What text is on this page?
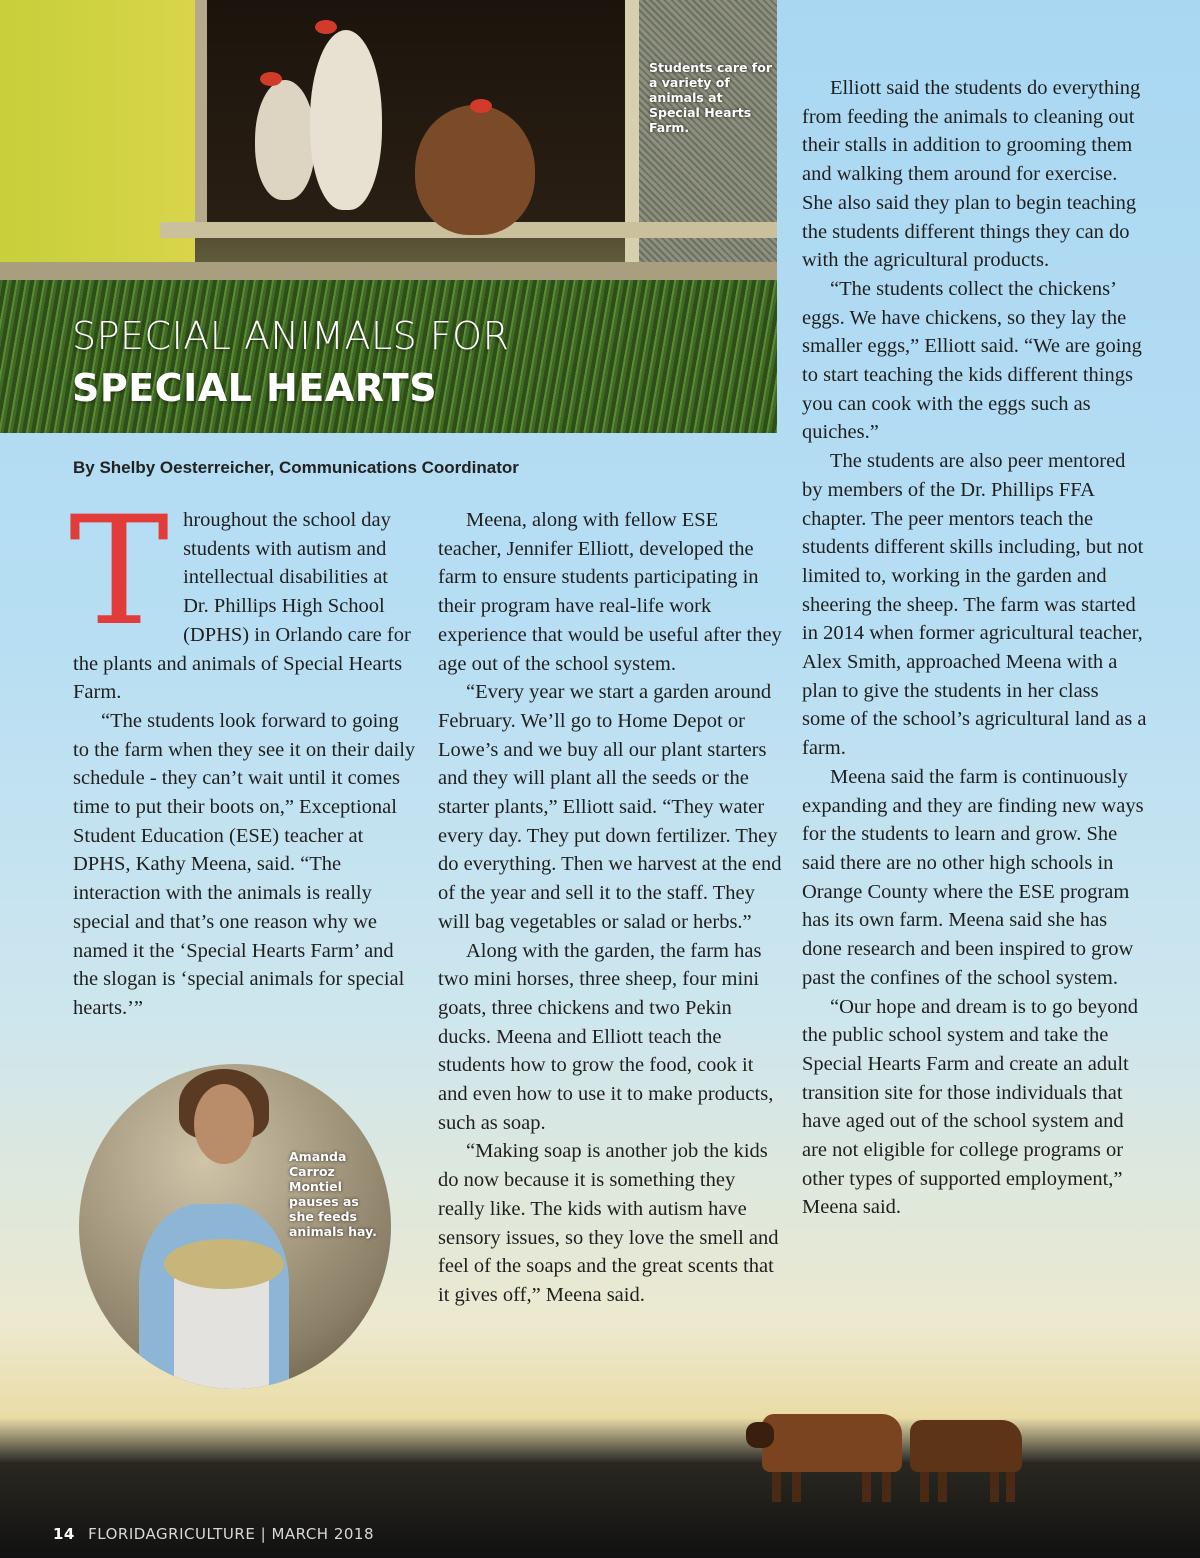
Students care for a variety of animals at Special Hearts Farm.
SPECIAL ANIMALS FOR
SPECIAL HEARTS
By Shelby Oesterreicher, Communications Coordinator
T hroughout the school day students with autism and intellectual disabilities at Dr. Phillips High School (DPHS) in Orlando care for the plants and animals of Special Hearts Farm.

“The students look forward to going to the farm when they see it on their daily schedule - they can’t wait until it comes time to put their boots on,” Exceptional Student Education (ESE) teacher at DPHS, Kathy Meena, said. “The interaction with the animals is really special and that’s one reason why we named it the ‘Special Hearts Farm’ and the slogan is ‘special animals for special hearts.’”

Amanda Carroz Montiel pauses as she feeds animals hay.

Meena, along with fellow ESE teacher, Jennifer Elliott, developed the farm to ensure students participating in their program have real-life work experience that would be useful after they age out of the school system.

“Every year we start a garden around February. We’ll go to Home Depot or Lowe’s and we buy all our plant starters and they will plant all the seeds or the starter plants,” Elliott said. “They water every day. They put down fertilizer. They do everything. Then we harvest at the end of the year and sell it to the staff. They will bag vegetables or salad or herbs.”

Along with the garden, the farm has two mini horses, three sheep, four mini goats, three chickens and two Pekin ducks. Meena and Elliott teach the students how to grow the food, cook it and even how to use it to make products, such as soap.

“Making soap is another job the kids do now because it is something they really like. The kids with autism have sensory issues, so they love the smell and feel of the soaps and the great scents that it gives off,” Meena said.

Elliott said the students do everything from feeding the animals to cleaning out their stalls in addition to grooming them and walking them around for exercise. She also said they plan to begin teaching the students different things they can do with the agricultural products.

“The students collect the chickens’ eggs. We have chickens, so they lay the smaller eggs,” Elliott said. “We are going to start teaching the kids different things you can cook with the eggs such as quiches.”

The students are also peer mentored by members of the Dr. Phillips FFA chapter. The peer mentors teach the students different skills including, but not limited to, working in the garden and sheering the sheep. The farm was started in 2014 when former agricultural teacher, Alex Smith, approached Meena with a plan to give the students in her class some of the school’s agricultural land as a farm.

Meena said the farm is continuously expanding and they are finding new ways for the students to learn and grow. She said there are no other high schools in Orange County where the ESE program has its own farm. Meena said she has done research and been inspired to grow past the confines of the school system.

“Our hope and dream is to go beyond the public school system and take the Special Hearts Farm and create an adult transition site for those individuals that have aged out of the school system and are not eligible for college programs or other types of supported employment,” Meena said.

14 FLORIDAGRICULTURE | MARCH 2018
